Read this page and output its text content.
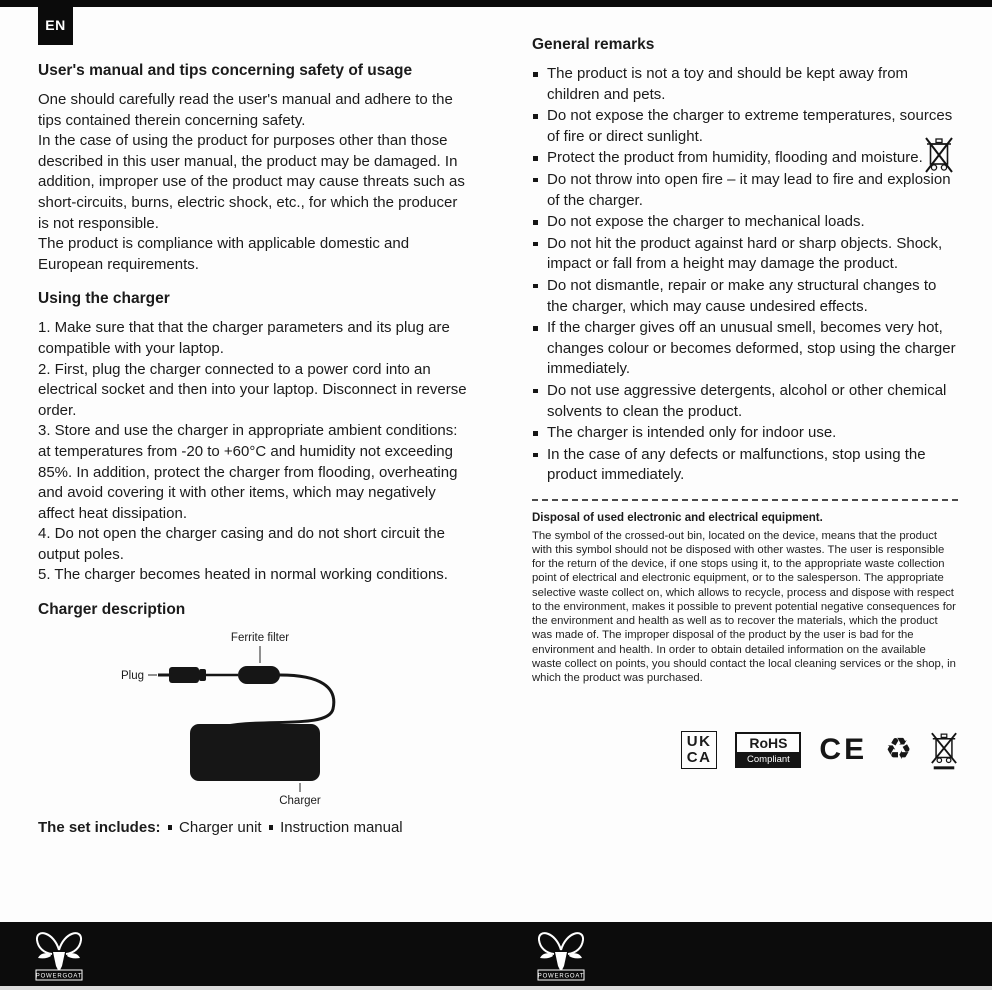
EN
User's manual and tips concerning safety of usage

One should carefully read the user's manual and adhere to the tips contained therein concerning safety.

In the case of using the product for purposes other than those described in this user manual, the product may be damaged. In addition, improper use of the product may cause threats such as short-circuits, burns, electric shock, etc., for which the producer is not responsible.

The product is compliance with applicable domestic and European requirements.

Using the charger

1. Make sure that that the charger parameters and its plug are compatible with your laptop.

2. First, plug the charger connected to a power cord into an electrical socket and then into your laptop. Disconnect in reverse order.

3. Store and use the charger in appropriate ambient conditions: at temperatures from -20 to +60°C and humidity not exceeding 85%. In addition, protect the charger from flooding, overheating and avoid covering it with other items, which may negatively affect heat dissipation.

4. Do not open the charger casing and do not short circuit the output poles.

5. The charger becomes heated in normal working conditions.

Charger description
Ferrite filter
Plug
Charger
The set includes: Charger unit Instruction manual
General remarks
The product is not a toy and should be kept away from children and pets.
Do not expose the charger to extreme temperatures, sources of fire or direct sunlight.
Protect the product from humidity, flooding and moisture.
Do not throw into open fire – it may lead to fire and explosion of the charger.
Do not expose the charger to mechanical loads.
Do not hit the product against hard or sharp objects. Shock, impact or fall from a height may damage the product.
Do not dismantle, repair or make any structural changes to the charger, which may cause undesired effects.
If the charger gives off an unusual smell, becomes very hot, changes colour or becomes deformed, stop using the charger immediately.
Do not use aggressive detergents, alcohol or other chemical solvents to clean the product.
The charger is intended only for indoor use.
In the case of any defects or malfunctions, stop using the product immediately.
Disposal of used electronic and electrical equipment.

The symbol of the crossed-out bin, located on the device, means that the product with this symbol should not be disposed with other wastes. The user is responsible for the return of the device, if one stops using it, to the appropriate waste collection point of electrical and electronic equipment, or to the salesperson. The appropriate selective waste collect on, which allows to recycle, process and dispose with respect to the environment, makes it possible to prevent potential negative consequences for the environment and health as well as to recover the materials, which the product was made of. The improper disposal of the product by the user is bad for the environment and health. In order to obtain detailed information on the available waste collect on points, you should contact the local cleaning services or the shop, in which the product was purchased.

UK
CA
RoHS
Compliant CE ♻
POWERGOAT	POWERGOAT
